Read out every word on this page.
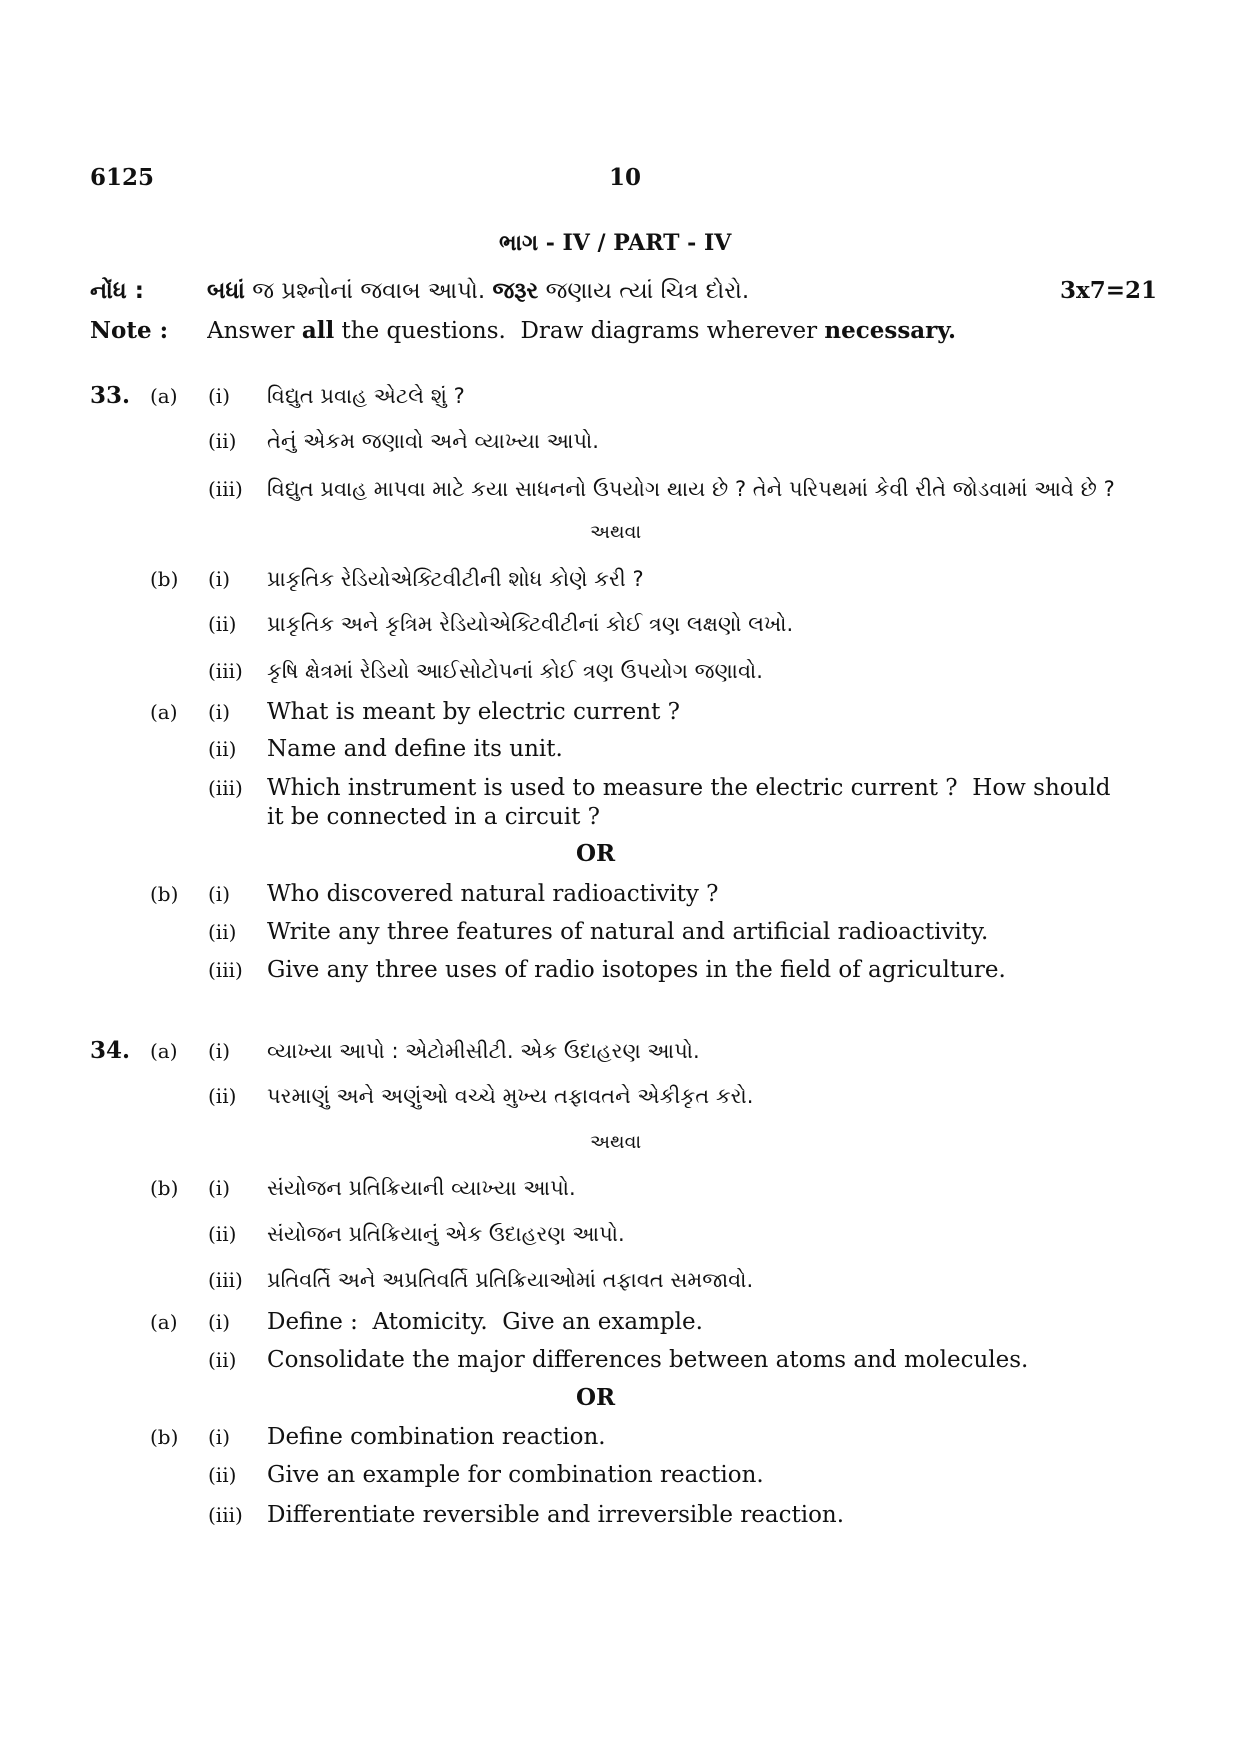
6125	10
ભાગ - IV / PART - IV
નોંધ :	બધાં જ પ્રશ્નોનાં જવાબ આપો. જરૂર જણાય ત્યાં ચિત્ર દોરો.	3x7=21
Note : Answer all the questions.  Draw diagrams wherever necessary.
33. (a) (i) વિદ્યુત પ્રવાહ એટલે શું ?
(ii) તેનું એકમ જણાવો અને વ્યાખ્યા આપો.
(iii) વિદ્યુત પ્રવાહ માપવા માટે કયા સાધનનો ઉપયોગ થાય છે ? તેને પરિપથમાં કેવી રીતે જોડવામાં આવે છે ?
અથવા
(b) (i) પ્રાકૃતિક રેડિયોએક્ટિવીટીની શોધ કોણે કરી ?
(ii) પ્રાકૃતિક અને કૃત્રિમ રેડિયોએક્ટિવીટીનાં કોઈ ત્રણ લક્ષણો લખો.
(iii) કૃષિ ક્ષેત્રમાં રેડિયો આઈસોટોપનાં કોઈ ત્રણ ઉપયોગ જણાવો.
(a) (i) What is meant by electric current ?
(ii) Name and define its unit.
(iii) Which instrument is used to measure the electric current ?  How should
it be connected in a circuit ?
OR
(b) (i) Who discovered natural radioactivity ?
(ii) Write any three features of natural and artificial radioactivity.
(iii) Give any three uses of radio isotopes in the field of agriculture.
34. (a) (i) વ્યાખ્યા આપો : એટોમીસીટી. એક ઉદાહરણ આપો.
(ii) પરમાણું અને અણુંઓ વચ્ચે મુખ્ય તફાવતને એકીકૃત કરો.
અથવા
(b) (i) સંયોજન પ્રતિક્રિયાની વ્યાખ્યા આપો.
(ii) સંયોજન પ્રતિક્રિયાનું એક ઉદાહરણ આપો.
(iii) પ્રતિવર્તિ અને અપ્રતિવર્તિ પ્રતિક્રિયાઓમાં તફાવત સમજાવો.
(a) (i) Define :  Atomicity.  Give an example.
(ii) Consolidate the major differences between atoms and molecules.
OR
(b) (i) Define combination reaction.
(ii) Give an example for combination reaction.
(iii) Differentiate reversible and irreversible reaction.
